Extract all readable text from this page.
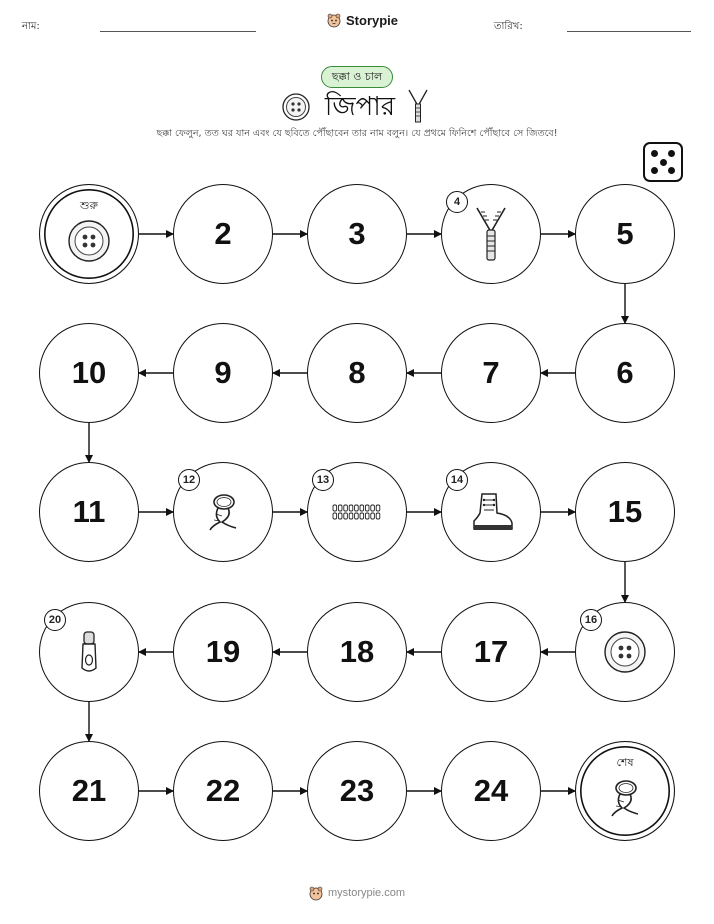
নাম:	Storypie	তারিখ:
ছক্কা ও চাল
জিপার
ছক্কা ফেলুন, তত ঘর যান এবং যে ছবিতে পৌঁছাবেন তার নাম বলুন। যে প্রথমে ফিনিশে পৌঁছাবে সে জিতবে!
শুরু
2	3
4
5
6
7
8
9
10
11
12	13	14
15
16
17
18
19
20
21	22	23	24
শেষ
mystorypie.com
